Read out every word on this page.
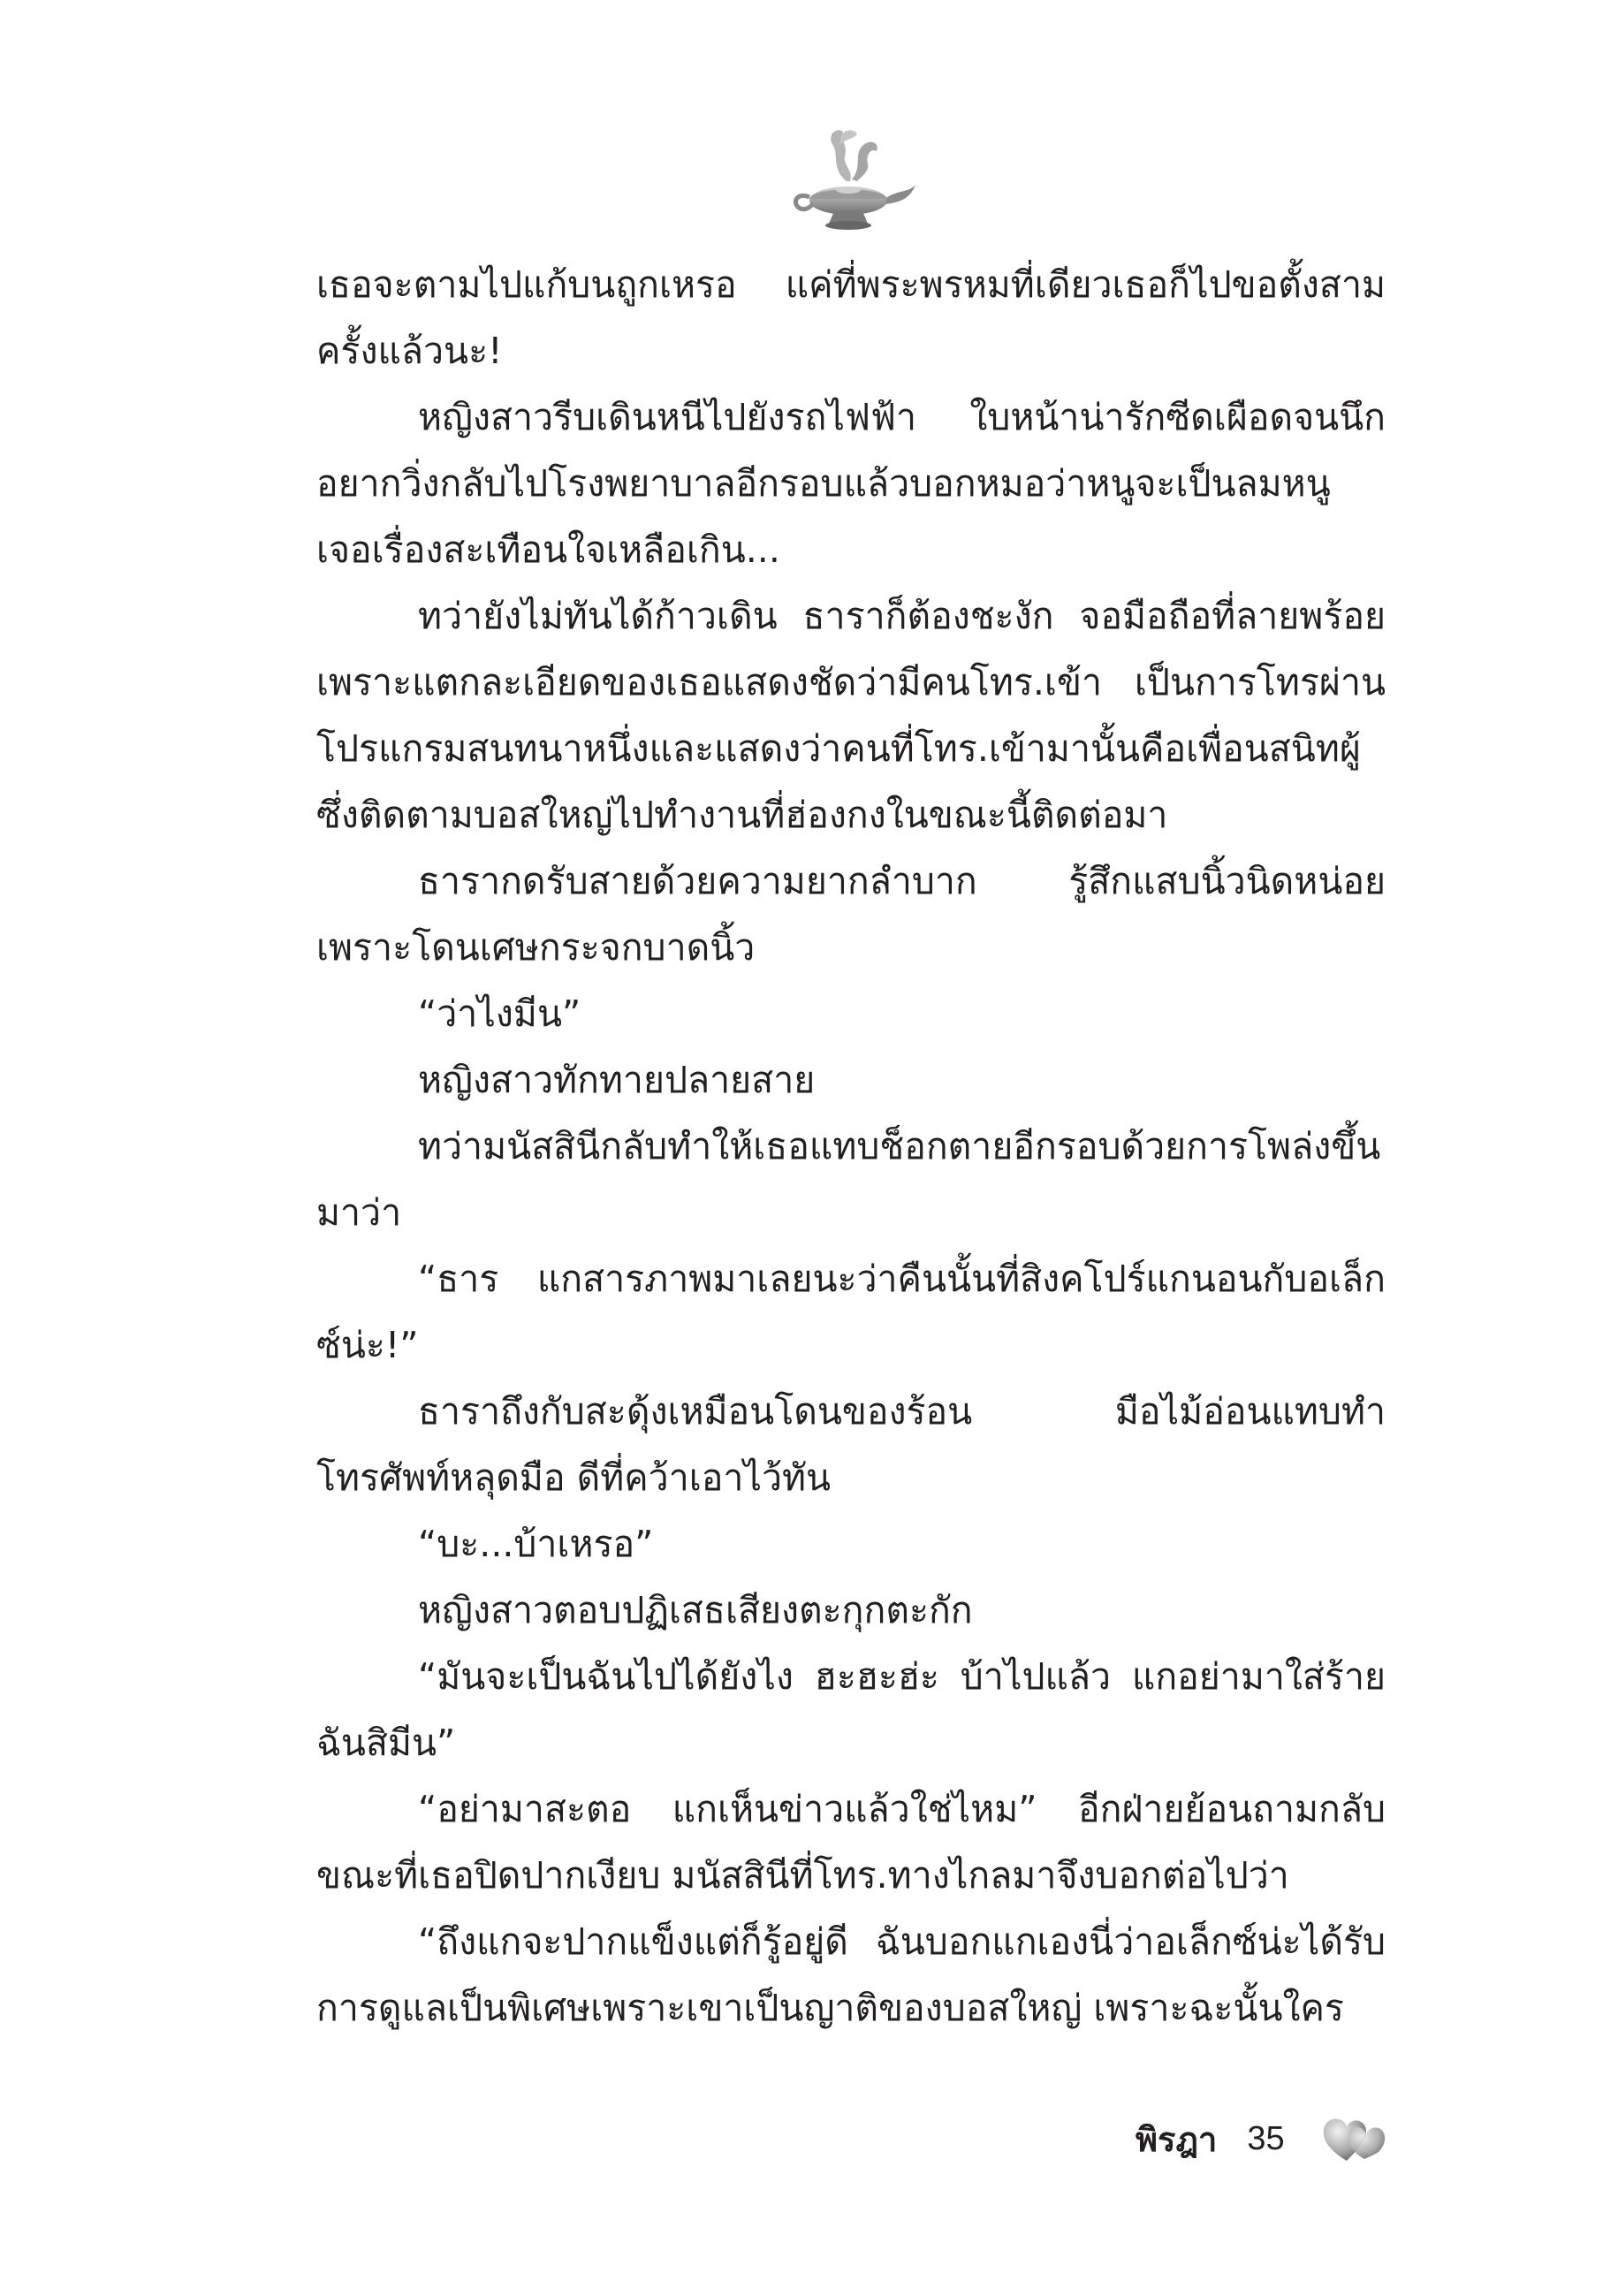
เธอจะตามไปแก้บนถูกเหรอ แค่ที่พระพรหมที่เดียวเธอก็ไปขอตั้งสามครั้งแล้วนะ!

หญิงสาวรีบเดินหนีไปยังรถไฟฟ้า ใบหน้าน่ารักซีดเผือดจนนึกอยากวิ่งกลับไปโรงพยาบาลอีกรอบแล้วบอกหมอว่าหนูจะเป็นลมหนูเจอเรื่องสะเทือนใจเหลือเกิน...

ทว่ายังไม่ทันได้ก้าวเดิน ธาราก็ต้องชะงัก จอมือถือที่ลายพร้อยเพราะแตกละเอียดของเธอแสดงชัดว่ามีคนโทร.เข้า เป็นการโทรผ่านโปรแกรมสนทนาหนึ่งและแสดงว่าคนที่โทร.เข้ามานั้นคือเพื่อนสนิทผู้ซึ่งติดตามบอสใหญ่ไปทำงานที่ฮ่องกงในขณะนี้ติดต่อมา

ธารากดรับสายด้วยความยากลำบาก รู้สึกแสบนิ้วนิดหน่อยเพราะโดนเศษกระจกบาดนิ้ว

“ว่าไงมีน”

หญิงสาวทักทายปลายสาย

ทว่ามนัสสินีกลับทำให้เธอแทบช็อกตายอีกรอบด้วยการโพล่งขึ้นมาว่า

“ธาร แกสารภาพมาเลยนะว่าคืนนั้นที่สิงคโปร์แกนอนกับอเล็กซ์น่ะ!”

ธาราถึงกับสะดุ้งเหมือนโดนของร้อน มือไม้อ่อนแทบทำโทรศัพท์หลุดมือ ดีที่คว้าเอาไว้ทัน

“บะ...บ้าเหรอ”

หญิงสาวตอบปฏิเสธเสียงตะกุกตะกัก

“มันจะเป็นฉันไปได้ยังไง ฮะฮะฮ่ะ บ้าไปแล้ว แกอย่ามาใส่ร้ายฉันสิมีน”

“อย่ามาสะตอ แกเห็นข่าวแล้วใช่ไหม” อีกฝ่ายย้อนถามกลับขณะที่เธอปิดปากเงียบ มนัสสินีที่โทร.ทางไกลมาจึงบอกต่อไปว่า

“ถึงแกจะปากแข็งแต่ก็รู้อยู่ดี ฉันบอกแกเองนี่ว่าอเล็กซ์น่ะได้รับการดูแลเป็นพิเศษเพราะเขาเป็นญาติของบอสใหญ่ เพราะฉะนั้นใคร

พิรฎา 35
